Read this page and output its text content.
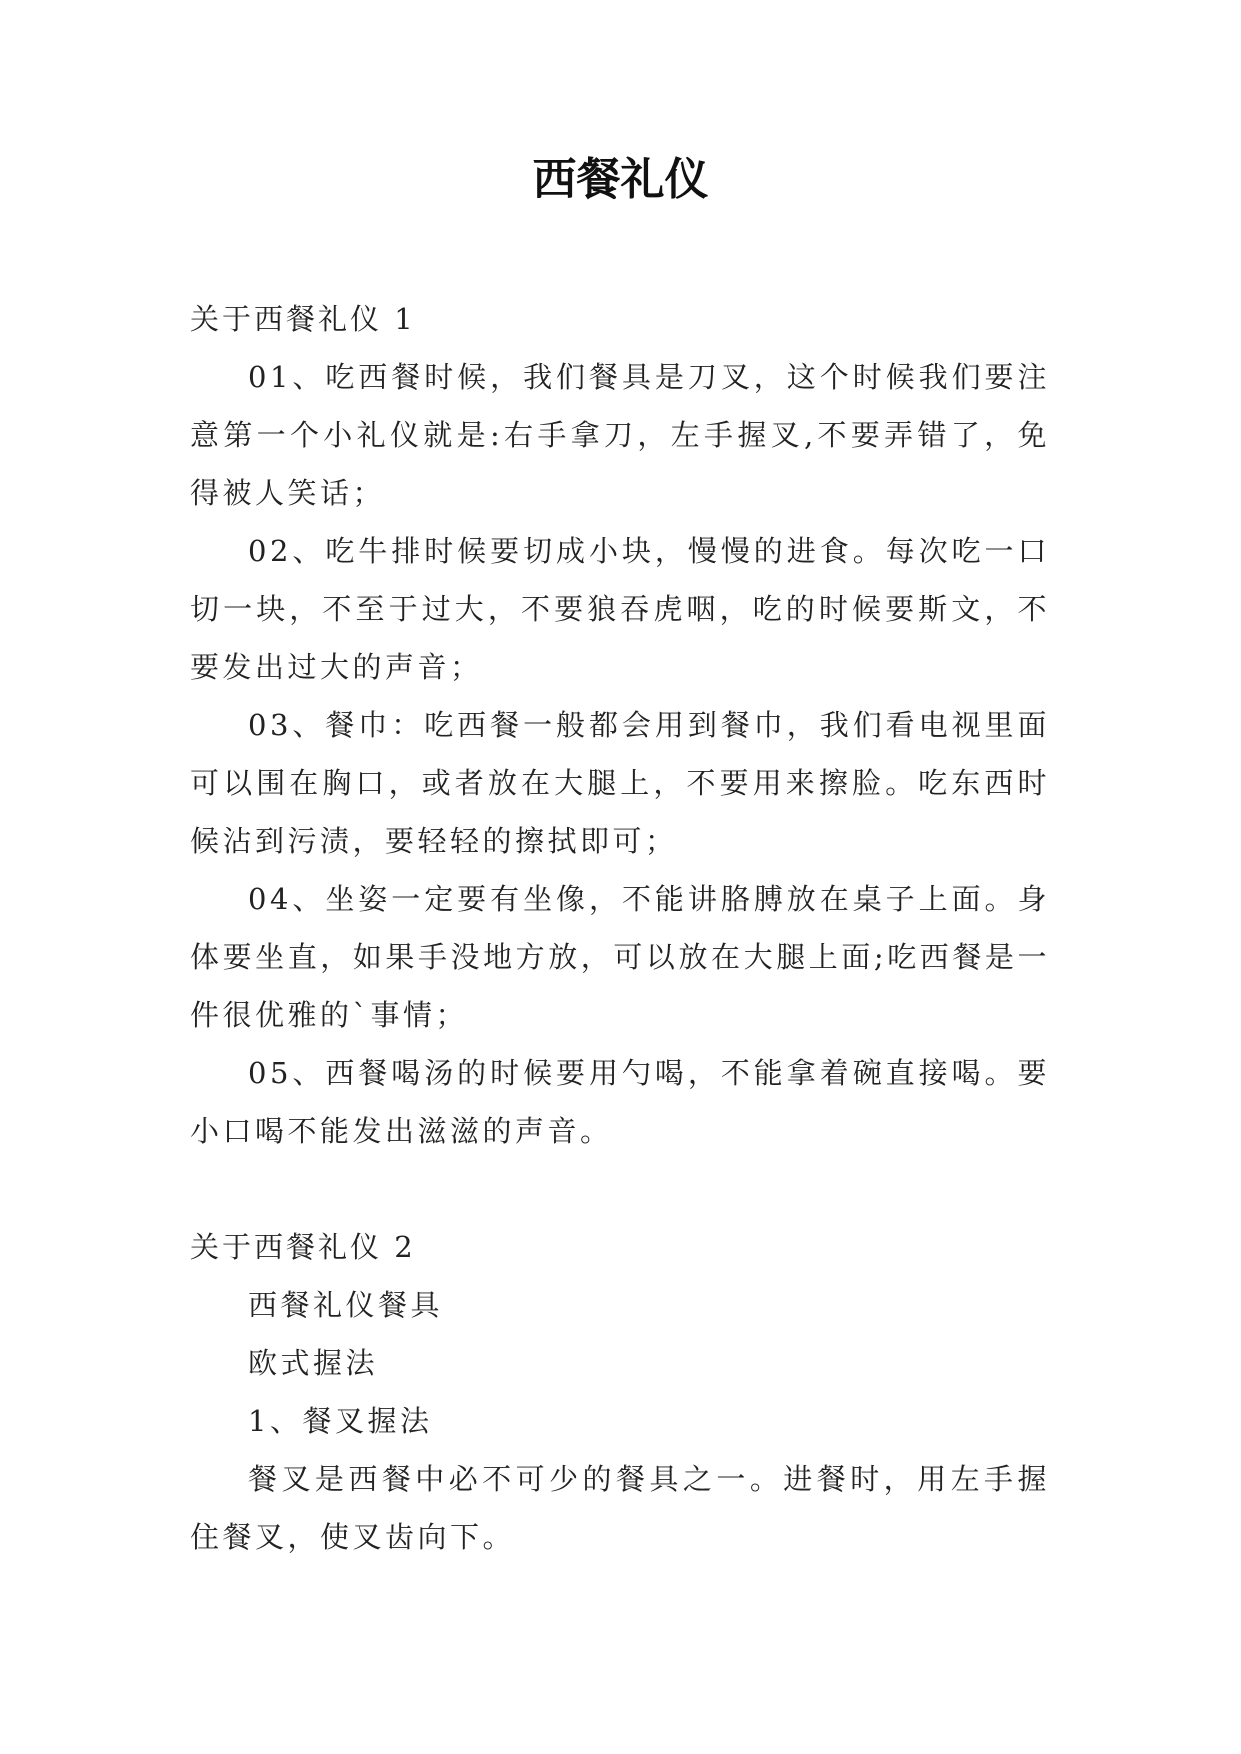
西餐礼仪

关于西餐礼仪 1

01、吃西餐时候，我们餐具是刀叉，这个时候我们要注意第一个小礼仪就是:右手拿刀，左手握叉,不要弄错了，免得被人笑话；

02、吃牛排时候要切成小块，慢慢的进食。每次吃一口切一块，不至于过大，不要狼吞虎咽，吃的时候要斯文，不要发出过大的声音；

03、餐巾：吃西餐一般都会用到餐巾，我们看电视里面可以围在胸口，或者放在大腿上，不要用来擦脸。吃东西时候沾到污渍，要轻轻的擦拭即可；

04、坐姿一定要有坐像，不能讲胳膊放在桌子上面。身体要坐直，如果手没地方放，可以放在大腿上面;吃西餐是一件很优雅的`事情；

05、西餐喝汤的时候要用勺喝，不能拿着碗直接喝。要小口喝不能发出滋滋的声音。

关于西餐礼仪 2

西餐礼仪餐具

欧式握法

1、餐叉握法

餐叉是西餐中必不可少的餐具之一。进餐时，用左手握住餐叉，使叉齿向下。
